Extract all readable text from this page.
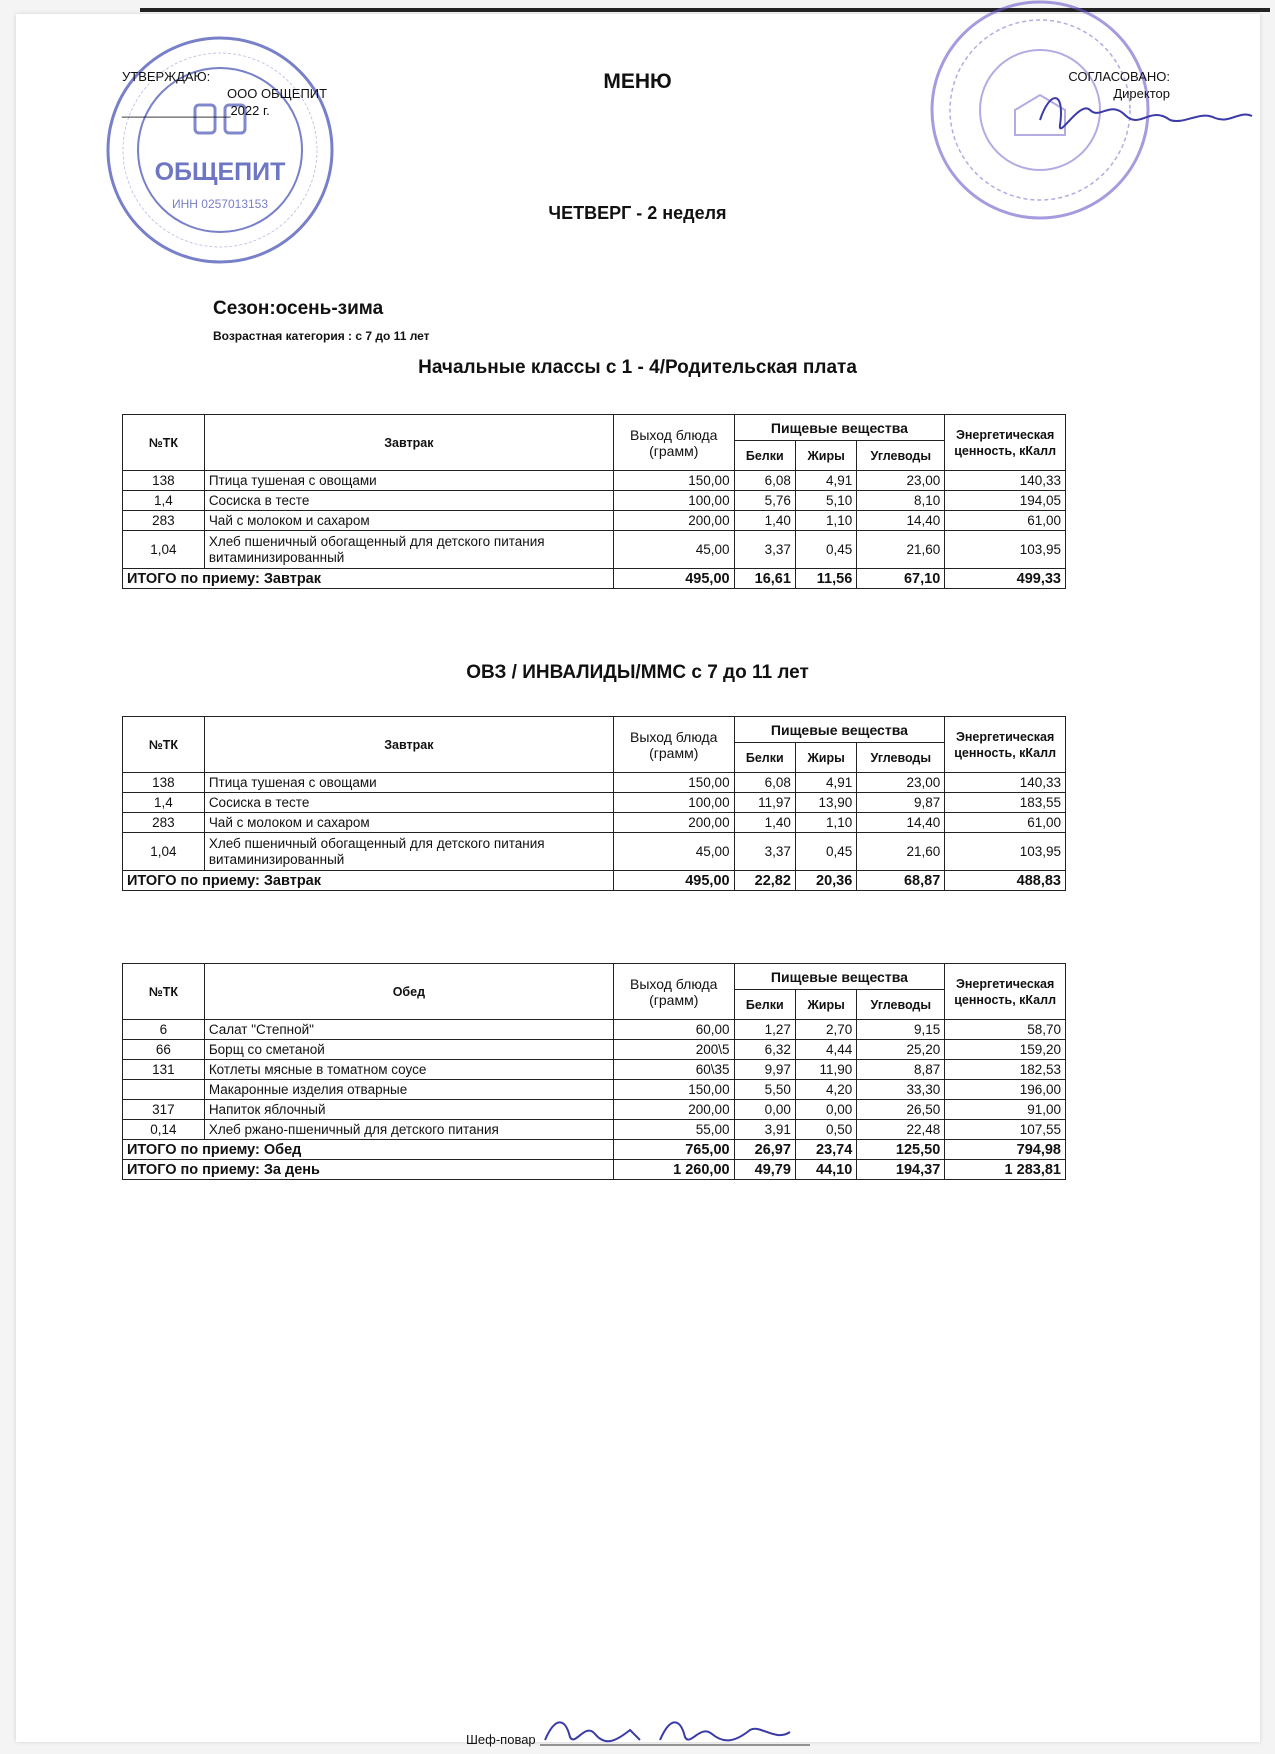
ОБЩЕПИТ
ИНН 0257013153
УТВЕРЖДАЮ:
ООО ОБЩЕПИТ
_______________2022 г.
СОГЛАСОВАНО:
Директор
МЕНЮ
ЧЕТВЕРГ - 2 неделя
Сезон:осень-зима
Возрастная категория : с 7 до 11 лет
Начальные классы с 1 - 4/Родительская плата
№ТК	Завтрак	Выход блюда (грамм)	Пищевые вещества			Энергетическая ценность, кКалл
			Белки	Жиры	Углеводы	
138	Птица тушеная с овощами	150,00	6,08	4,91	23,00	140,33
1,4	Сосиска в тесте	100,00	5,76	5,10	8,10	194,05
283	Чай с молоком и сахаром	200,00	1,40	1,10	14,40	61,00
1,04	Хлеб пшеничный обогащенный для детского питания витаминизированный	45,00	3,37	0,45	21,60	103,95
ИТОГО по приему: Завтрак		495,00	16,61	11,56	67,10	499,33
ОВЗ / ИНВАЛИДЫ/ММС с 7 до 11 лет
№ТК	Завтрак	Выход блюда (грамм)	Пищевые вещества			Энергетическая ценность, кКалл
			Белки	Жиры	Углеводы	
138	Птица тушеная с овощами	150,00	6,08	4,91	23,00	140,33
1,4	Сосиска в тесте	100,00	11,97	13,90	9,87	183,55
283	Чай с молоком и сахаром	200,00	1,40	1,10	14,40	61,00
1,04	Хлеб пшеничный обогащенный для детского питания витаминизированный	45,00	3,37	0,45	21,60	103,95
ИТОГО по приему: Завтрак		495,00	22,82	20,36	68,87	488,83
№ТК	Обед	Выход блюда (грамм)	Пищевые вещества			Энергетическая ценность, кКалл
			Белки	Жиры	Углеводы	
6	Салат "Степной"	60,00	1,27	2,70	9,15	58,70
66	Борщ со сметаной	200\5	6,32	4,44	25,20	159,20
131	Котлеты мясные в томатном соусе	60\35	9,97	11,90	8,87	182,53
	Макаронные изделия отварные	150,00	5,50	4,20	33,30	196,00
317	Напиток яблочный	200,00	0,00	0,00	26,50	91,00
0,14	Хлеб ржано-пшеничный для детского питания	55,00	3,91	0,50	22,48	107,55
ИТОГО по приему: Обед		765,00	26,97	23,74	125,50	794,98
ИТОГО по приему: За день		1 260,00	49,79	44,10	194,37	1 283,81
Шеф-повар
